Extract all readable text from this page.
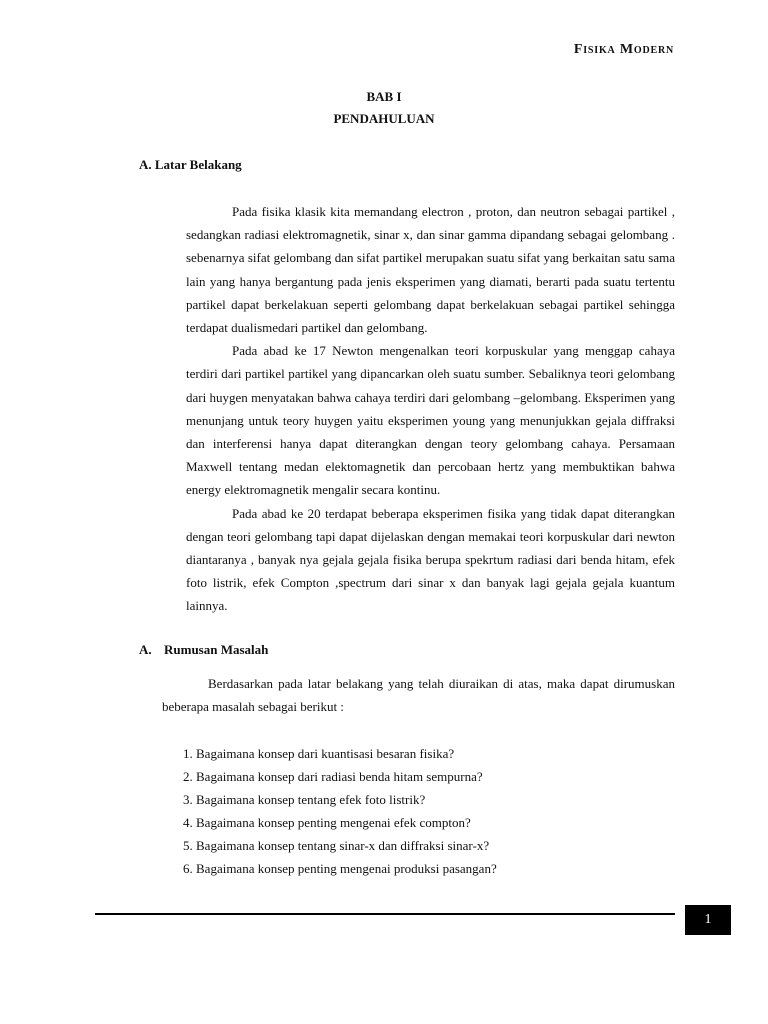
Fisika Modern
BAB I
PENDAHULUAN
A. Latar Belakang

Pada fisika klasik kita memandang electron , proton, dan neutron sebagai partikel , sedangkan radiasi elektromagnetik, sinar x, dan sinar gamma dipandang sebagai gelombang . sebenarnya sifat gelombang dan sifat partikel merupakan suatu sifat yang berkaitan satu sama lain yang hanya bergantung pada jenis eksperimen yang diamati, berarti pada suatu tertentu partikel dapat berkelakuan seperti gelombang dapat berkelakuan sebagai partikel sehingga terdapat dualismedari partikel dan gelombang.

Pada abad ke 17 Newton mengenalkan teori korpuskular yang menggap cahaya terdiri dari partikel partikel yang dipancarkan oleh suatu sumber. Sebaliknya teori gelombang dari huygen menyatakan bahwa cahaya terdiri dari gelombang –gelombang. Eksperimen yang menunjang untuk teory huygen yaitu eksperimen young yang menunjukkan gejala diffraksi dan interferensi hanya dapat diterangkan dengan teory gelombang cahaya. Persamaan Maxwell tentang medan elektomagnetik dan percobaan hertz yang membuktikan bahwa energy elektromagnetik mengalir secara kontinu.

Pada abad ke 20 terdapat beberapa eksperimen fisika yang tidak dapat diterangkan dengan teori gelombang tapi dapat dijelaskan dengan memakai teori korpuskular dari newton diantaranya , banyak nya gejala gejala fisika berupa spekrtum radiasi dari benda hitam, efek foto listrik, efek Compton ,spectrum dari sinar x dan banyak lagi gejala gejala kuantum lainnya.

A. Rumusan Masalah

Berdasarkan pada latar belakang yang telah diuraikan di atas, maka dapat dirumuskan beberapa masalah sebagai berikut :

1. Bagaimana konsep dari kuantisasi besaran fisika?
2. Bagaimana konsep dari radiasi benda hitam sempurna?
3. Bagaimana konsep tentang efek foto listrik?
4. Bagaimana konsep penting mengenai efek compton?
5. Bagaimana konsep tentang sinar-x dan diffraksi sinar-x?
6. Bagaimana konsep penting mengenai produksi pasangan?
1
